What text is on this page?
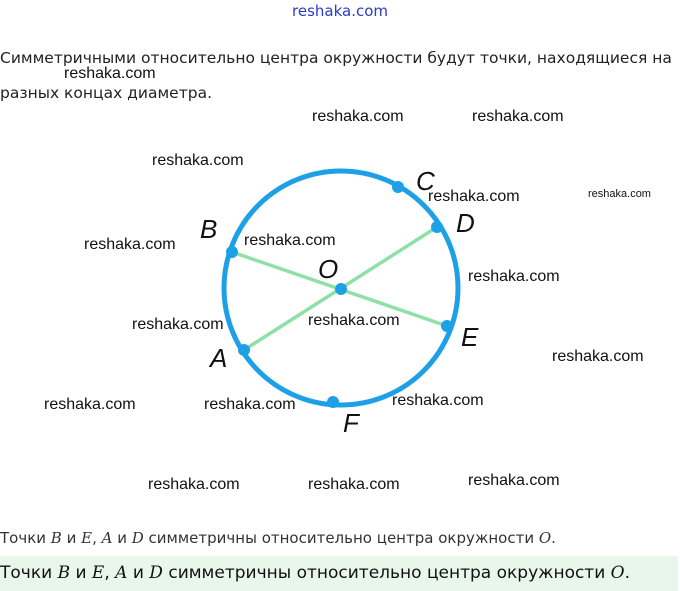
reshaka.com
Симметричными относительно центра окружности будут точки, находящиеся на разных концах диаметра.
C
D
B
O
E
A
F
reshaka.com
reshaka.com	reshaka.com
reshaka.com
reshaka.com	reshaka.com
reshaka.com	reshaka.com
reshaka.com
reshaka.com	reshaka.com
reshaka.com
reshaka.com	reshaka.com	reshaka.com
reshaka.com	reshaka.com	reshaka.com
Точки B и E, A и D симметричны относительно центра окружности O.
Точки B и E, A и D симметричны относительно центра окружности O.
